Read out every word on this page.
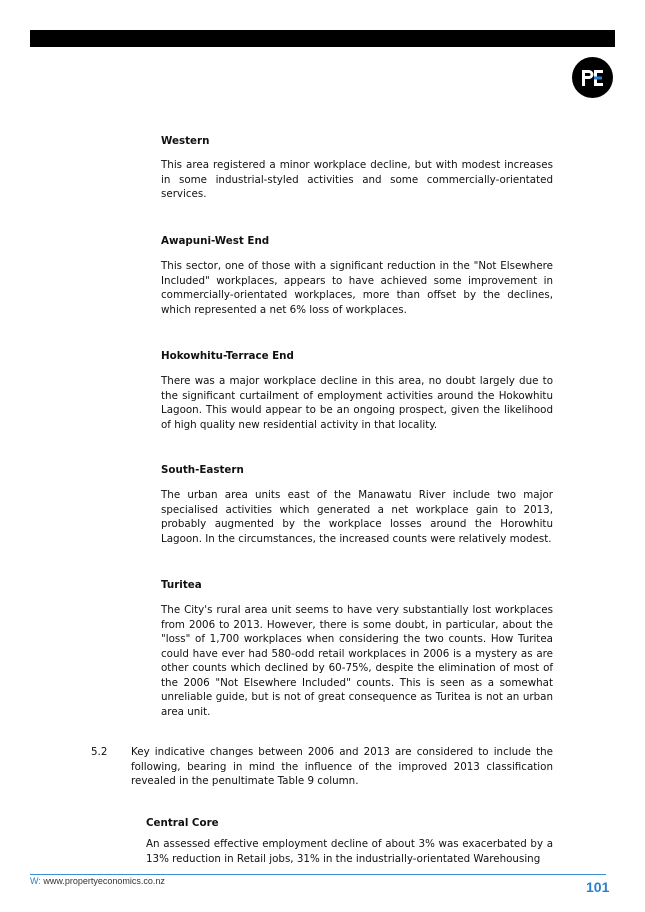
Western

This area registered a minor workplace decline, but with modest increases in some industrial-styled activities and some commercially-orientated services.

Awapuni-West End

This sector, one of those with a significant reduction in the "Not Elsewhere Included" workplaces, appears to have achieved some improvement in commercially-orientated workplaces, more than offset by the declines, which represented a net 6% loss of workplaces.

Hokowhitu-Terrace End

There was a major workplace decline in this area, no doubt largely due to the significant curtailment of employment activities around the Hokowhitu Lagoon. This would appear to be an ongoing prospect, given the likelihood of high quality new residential activity in that locality.

South-Eastern

The urban area units east of the Manawatu River include two major specialised activities which generated a net workplace gain to 2013, probably augmented by the workplace losses around the Horowhitu Lagoon. In the circumstances, the increased counts were relatively modest.

Turitea

The City's rural area unit seems to have very substantially lost workplaces from 2006 to 2013. However, there is some doubt, in particular, about the "loss" of 1,700 workplaces when considering the two counts. How Turitea could have ever had 580-odd retail workplaces in 2006 is a mystery as are other counts which declined by 60-75%, despite the elimination of most of the 2006 "Not Elsewhere Included" counts. This is seen as a somewhat unreliable guide, but is not of great consequence as Turitea is not an urban area unit.

5.2 Key indicative changes between 2006 and 2013 are considered to include the following, bearing in mind the influence of the improved 2013 classification revealed in the penultimate Table 9 column.
Central Core

An assessed effective employment decline of about 3% was exacerbated by a 13% reduction in Retail jobs, 31% in the industrially-orientated Warehousing

W: www.propertyeconomics.co.nz	101
